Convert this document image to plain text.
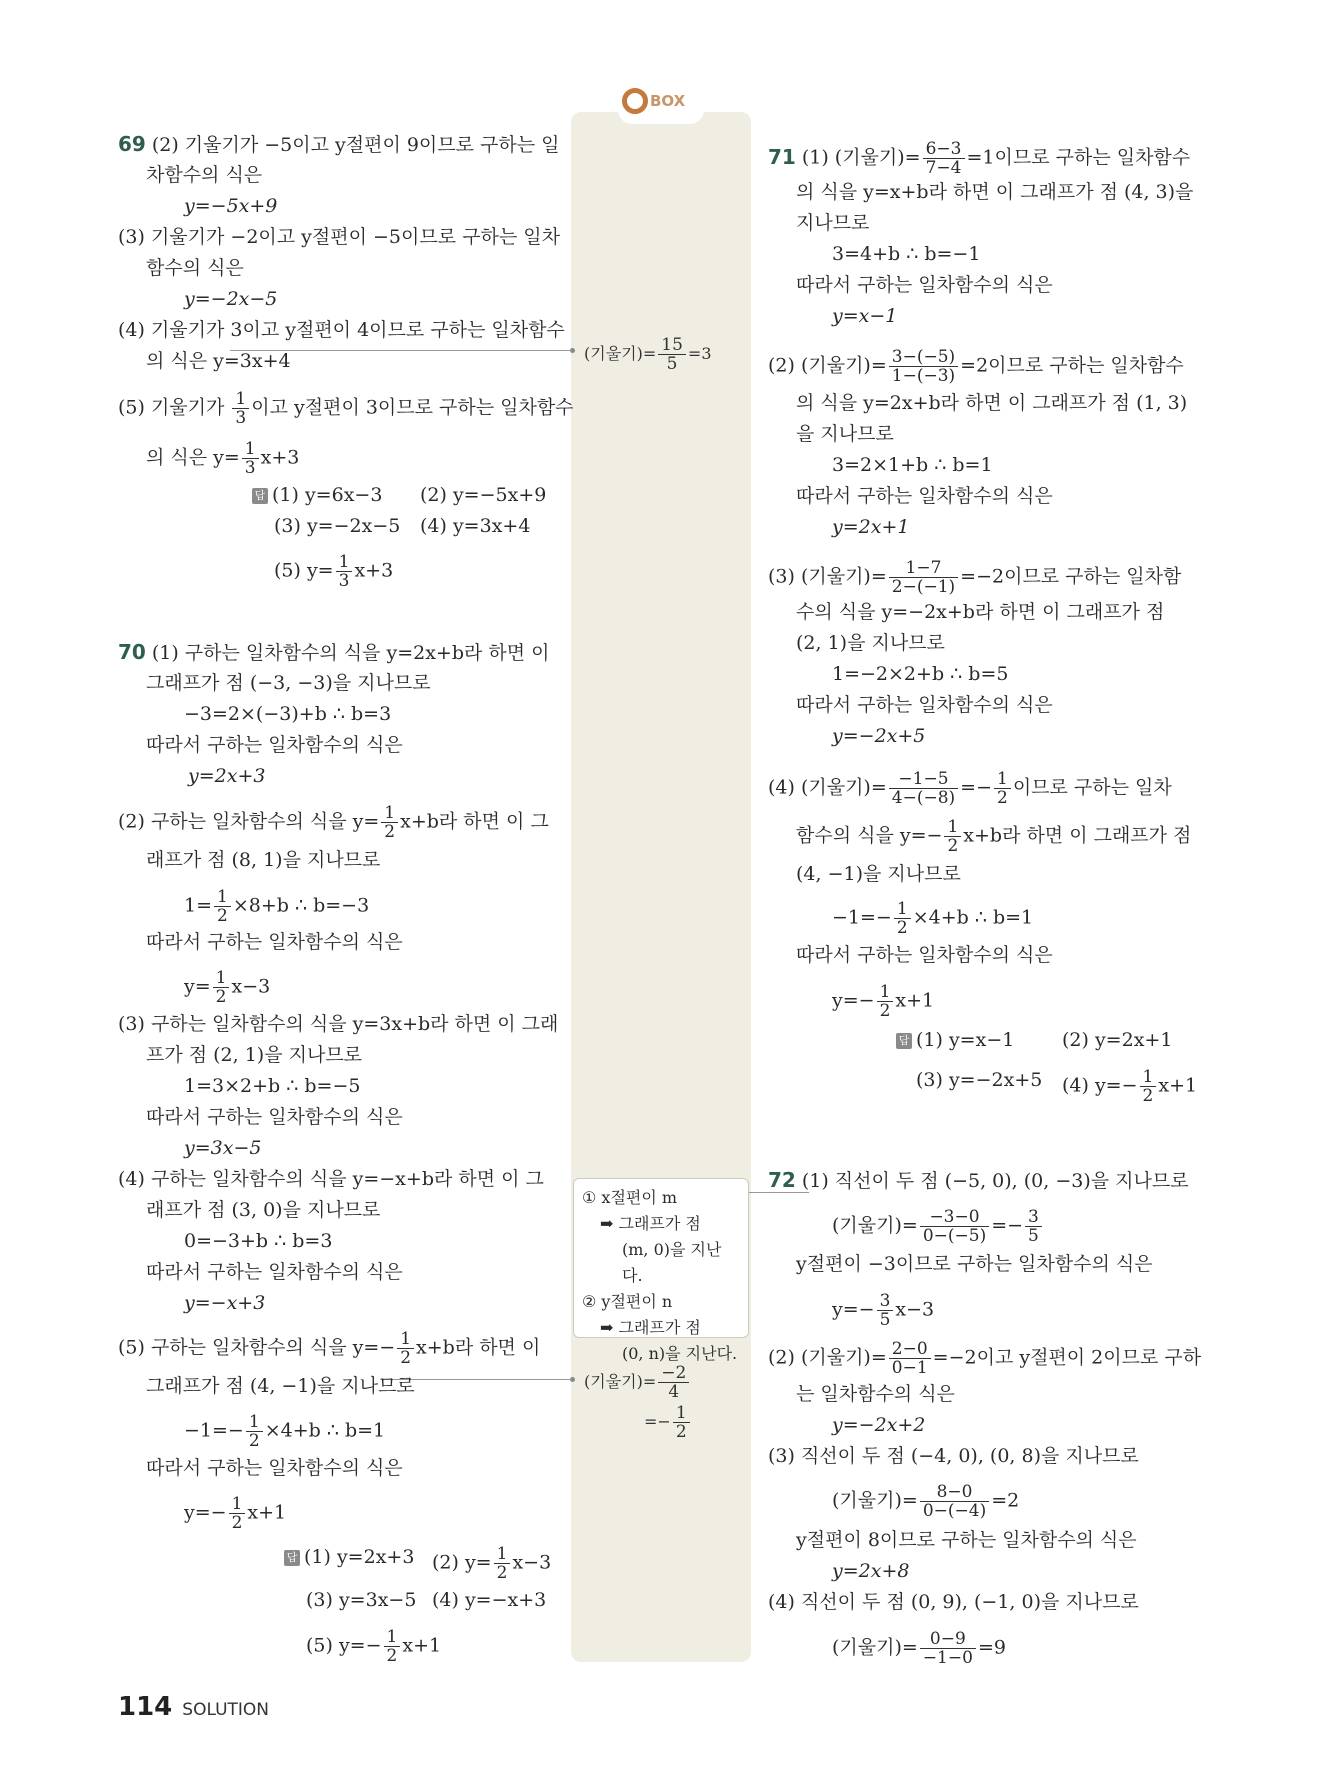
BOX
(기울기)= $\frac{15}{5} =3$
① x절편이 m
➡ 그래프가 점
(m, 0)을 지난다.
② y절편이 n
➡ 그래프가 점
(0, n)을 지난다.
(기울기)= $\frac{-2}{4}$
=− $\frac{1}{2}$
69 (2) 기울기가 −5이고 y절편이 9이므로 구하는 일
차함수의 식은
y=−5x+9
(3) 기울기가 −2이고 y절편이 −5이므로 구하는 일차
함수의 식은
y=−2x−5
(4) 기울기가 3이고 y절편이 4이므로 구하는 일차함수
의 식은 y=3x+4
(5) 기울기가 $\frac{1}{3}$ 이고 y절편이 3이므로 구하는 일차함수
의 식은 $y= \frac{1}{3} x+3$
답 (1) y=6x−3 (2) y=−5x+9
(3) y=−2x−5 (4) y=3x+4
(5) $y= \frac{1}{3} x+3$
70 (1) 구하는 일차함수의 식을 y=2x+b라 하면 이
그래프가 점 (−3, −3)을 지나므로
−3=2×(−3)+b ∴ b=3
따라서 구하는 일차함수의 식은
y=2x+3
(2) 구하는 일차함수의 식을 $y= \frac{1}{2} x+b$라 하면 이 그
래프가 점 (8, 1)을 지나므로
$1= \frac{1}{2} \times 8+b$ ∴ b=−3
따라서 구하는 일차함수의 식은
$y= \frac{1}{2} x-3$
(3) 구하는 일차함수의 식을 y=3x+b라 하면 이 그래
프가 점 (2, 1)을 지나므로
1=3×2+b ∴ b=−5
따라서 구하는 일차함수의 식은
y=3x−5
(4) 구하는 일차함수의 식을 y=−x+b라 하면 이 그
래프가 점 (3, 0)을 지나므로
0=−3+b ∴ b=3
따라서 구하는 일차함수의 식은
y=−x+3
(5) 구하는 일차함수의 식을 $y=- \frac{1}{2} x+b$라 하면 이
그래프가 점 (4, −1)을 지나므로
$-1=- \frac{1}{2} \times 4+b$ ∴ b=1
따라서 구하는 일차함수의 식은
$y=- \frac{1}{2} x+1$
답 (1) y=2x+3 (2) $y= \frac{1}{2} x-3$
(3) y=3x−5 (4) y=−x+3
(5) $y=- \frac{1}{2} x+1$
71 (1) (기울기)= $\frac{6-3}{7-4} =1$이므로 구하는 일차함수
의 식을 y=x+b라 하면 이 그래프가 점 (4, 3)을
지나므로
3=4+b ∴ b=−1
따라서 구하는 일차함수의 식은
y=x−1
(2) (기울기)= $\frac{3-(-5)}{1-(-3)} =2$이므로 구하는 일차함수
의 식을 y=2x+b라 하면 이 그래프가 점 (1, 3)
을 지나므로
3=2×1+b ∴ b=1
따라서 구하는 일차함수의 식은
y=2x+1
(3) (기울기)= $\frac{1-7}{2-(-1)} =-2$이므로 구하는 일차함
수의 식을 y=−2x+b라 하면 이 그래프가 점
(2, 1)을 지나므로
1=−2×2+b ∴ b=5
따라서 구하는 일차함수의 식은
y=−2x+5
(4) (기울기)= $\frac{-1-5}{4-(-8)} =- \frac{1}{2}$ 이므로 구하는 일차
함수의 식을 $y=- \frac{1}{2} x+b$라 하면 이 그래프가 점
(4, −1)을 지나므로
$-1=- \frac{1}{2} \times 4+b$ ∴ b=1
따라서 구하는 일차함수의 식은
$y=- \frac{1}{2} x+1$
답 (1) y=x−1	(2) y=2x+1
(3) y=−2x+5 (4) $y=- \frac{1}{2} x+1$
72 (1) 직선이 두 점 (−5, 0), (0, −3)을 지나므로
(기울기)= $\frac{-3-0}{0-(-5)} =- \frac{3}{5}$
y절편이 −3이므로 구하는 일차함수의 식은
$y=- \frac{3}{5} x-3$
(2) (기울기)= $\frac{2-0}{0-1} =-2$이고 y절편이 2이므로 구하
는 일차함수의 식은
y=−2x+2
(3) 직선이 두 점 (−4, 0), (0, 8)을 지나므로
(기울기)= $\frac{8-0}{0-(-4)} =2$
y절편이 8이므로 구하는 일차함수의 식은
y=2x+8
(4) 직선이 두 점 (0, 9), (−1, 0)을 지나므로
(기울기)= $\frac{0-9}{-1-0} =9$
114 SOLUTION
